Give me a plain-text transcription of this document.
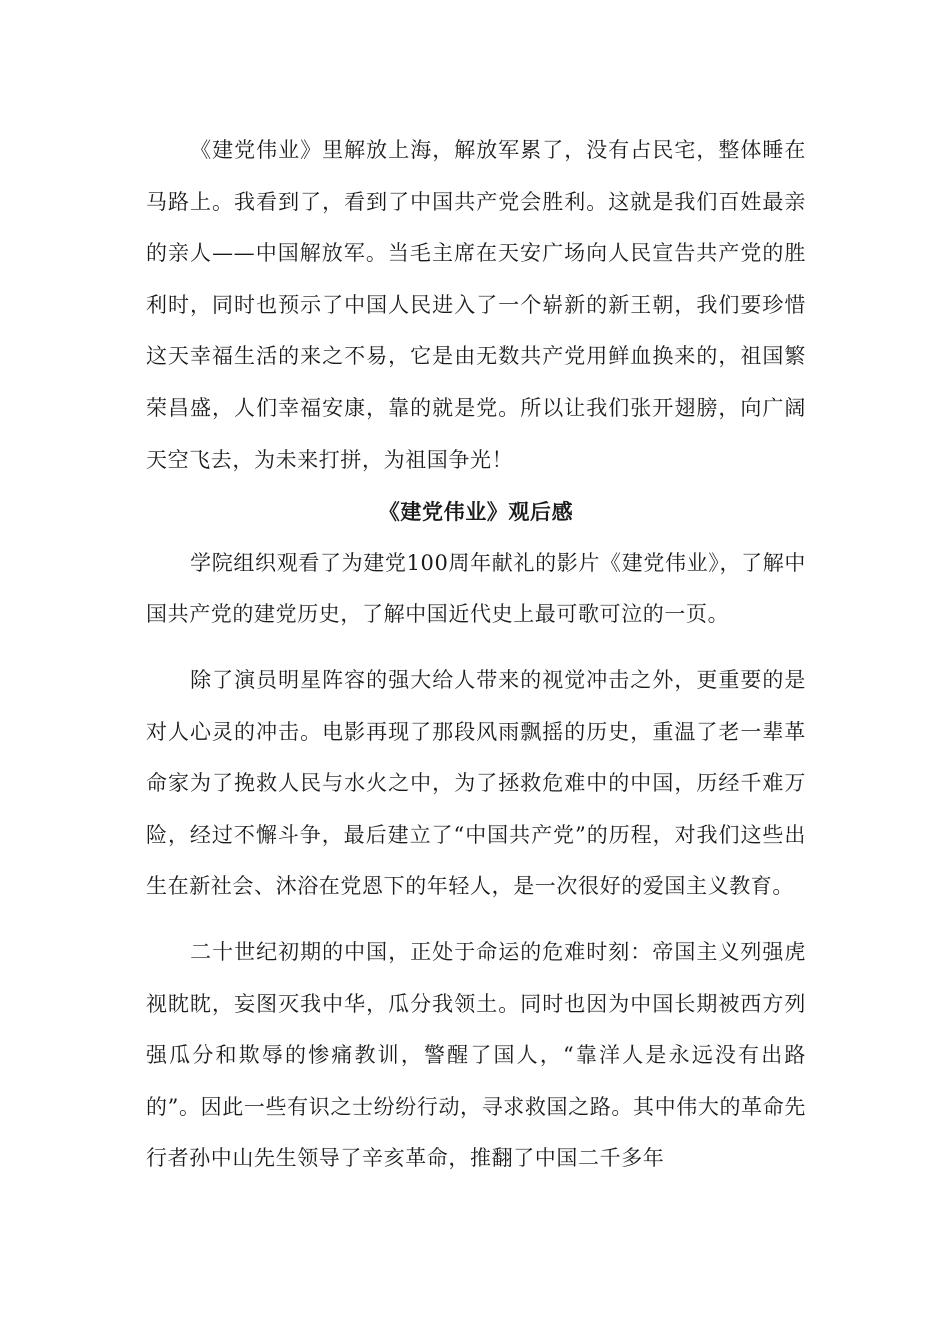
《建党伟业》里解放上海，解放军累了，没有占民宅，整体睡在马路上。我看到了，看到了中国共产党会胜利。这就是我们百姓最亲的亲人——中国解放军。当毛主席在天安广场向人民宣告共产党的胜利时，同时也预示了中国人民进入了一个崭新的新王朝，我们要珍惜这天幸福生活的来之不易，它是由无数共产党用鲜血换来的，祖国繁荣昌盛，人们幸福安康，靠的就是党。所以让我们张开翅膀，向广阔天空飞去，为未来打拼，为祖国争光！

《建党伟业》观后感

学院组织观看了为建党100周年献礼的影片《建党伟业》，了解中国共产党的建党历史，了解中国近代史上最可歌可泣的一页。

除了演员明星阵容的强大给人带来的视觉冲击之外，更重要的是对人心灵的冲击。电影再现了那段风雨飘摇的历史，重温了老一辈革命家为了挽救人民与水火之中，为了拯救危难中的中国，历经千难万险，经过不懈斗争，最后建立了“中国共产党”的历程，对我们这些出生在新社会、沐浴在党恩下的年轻人，是一次很好的爱国主义教育。

二十世纪初期的中国，正处于命运的危难时刻：帝国主义列强虎视眈眈，妄图灭我中华，瓜分我领土。同时也因为中国长期被西方列强瓜分和欺辱的惨痛教训，警醒了国人，“靠洋人是永远没有出路的”。因此一些有识之士纷纷行动，寻求救国之路。其中伟大的革命先行者孙中山先生领导了辛亥革命，推翻了中国二千多年
